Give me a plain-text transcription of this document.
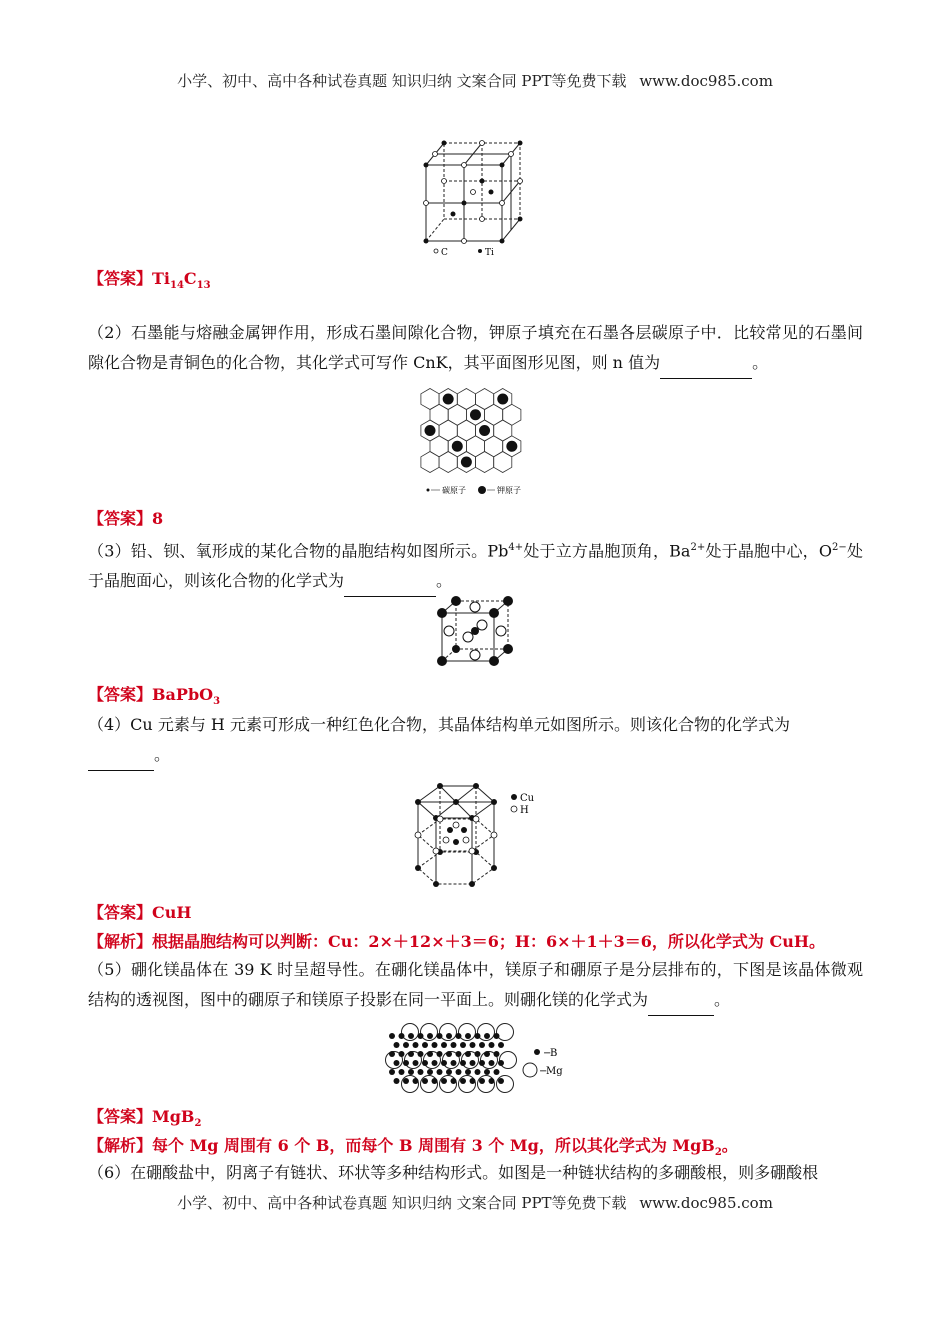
小学、初中、高中各种试卷真题 知识归纳 文案合同 PPT等免费下载 www.doc985.com
C	Ti
【答案】$Ti_{14}C_{13}$
（2）石墨能与熔融金属钾作用，形成石墨间隙化合物，钾原子填充在石墨各层碳原子中．比较常见的石墨间隙化合物是青铜色的化合物，其化学式可写作 CnK，其平面图形见图，则 n 值为	。
碳原子	钾原子
【答案】8
（3）铅、钡、氧形成的某化合物的晶胞结构如图所示。$Pb^{4+}$处于立方晶胞顶角，$Ba^{2+}$处于晶胞中心，$O^{2-}$处于晶胞面心，则该化合物的化学式为	。
【答案】BaPbO$_3$
（4）Cu 元素与 H 元素可形成一种红色化合物，其晶体结构单元如图所示。则该化合物的化学式为
。
Cu
H
【答案】CuH
【解析】根据晶胞结构可以判断：Cu：2×＋12×＋3＝6；H：6×＋1＋3＝6，所以化学式为 CuH。
（5）硼化镁晶体在 39 K 时呈超导性。在硼化镁晶体中，镁原子和硼原子是分层排布的，下图是该晶体微观结构的透视图，图中的硼原子和镁原子投影在同一平面上。则硼化镁的化学式为	。
−
B
−
Mg
【答案】MgB$_2$
【解析】每个 Mg 周围有 6 个 B，而每个 B 周围有 3 个 Mg，所以其化学式为 MgB$_2$。
（6）在硼酸盐中，阴离子有链状、环状等多种结构形式。如图是一种链状结构的多硼酸根，则多硼酸根
小学、初中、高中各种试卷真题 知识归纳 文案合同 PPT等免费下载 www.doc985.com
